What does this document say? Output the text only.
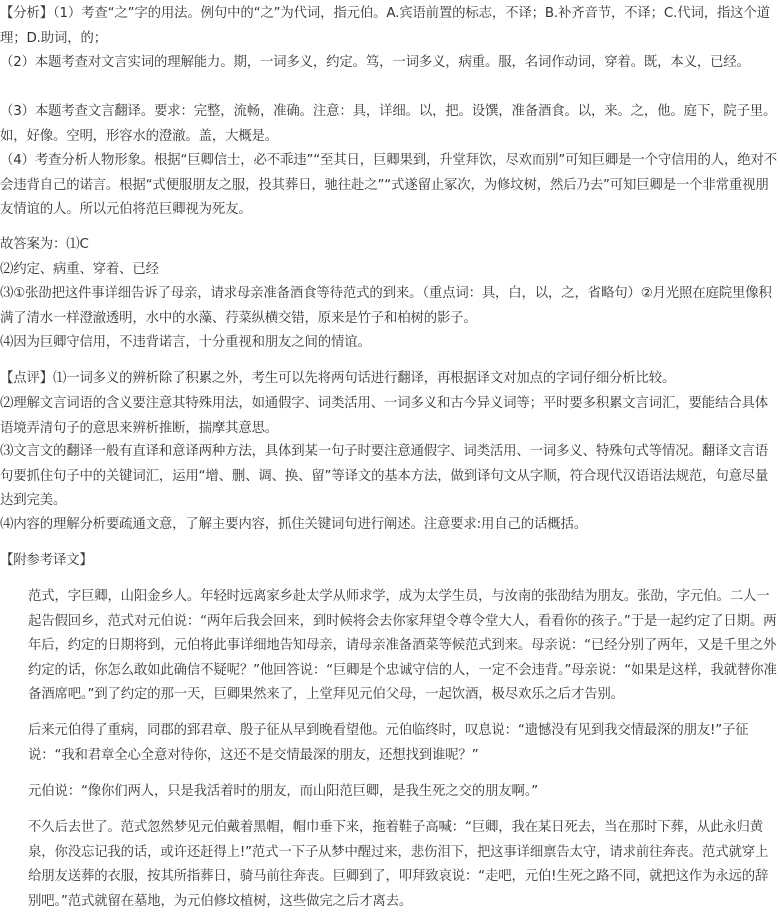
【分析】（1）考查“之”字的用法。例句中的“之”为代词，指元伯。A.宾语前置的标志，不译；B.补齐音节，不译；C.代词，指这个道理；D.助词，的；
（2）本题考查对文言实词的理解能力。期，一词多义，约定。笃，一词多义，病重。服，名词作动词，穿着。既，本义，已经。
（3）本题考查文言翻译。要求：完整，流畅，准确。注意：具，详细。以，把。设馔，准备酒食。以，来。之，他。庭下，院子里。如，好像。空明，形容水的澄澈。盖，大概是。
（4）考查分析人物形象。根据“巨卿信士，必不乖违”“至其日，巨卿果到，升堂拜饮，尽欢而别”可知巨卿是一个守信用的人，绝对不会违背自己的诺言。根据“式便服朋友之服，投其葬日，驰往赴之”“式遂留止冢次，为修坟树，然后乃去”可知巨卿是一个非常重视朋友情谊的人。所以元伯将范巨卿视为死友。
故答案为：⑴C
⑵约定、病重、穿着、已经
⑶①张劭把这件事详细告诉了母亲，请求母亲准备酒食等待范式的到来。（重点词：具，白，以，之，省略句）②月光照在庭院里像积满了清水一样澄澈透明，水中的水藻、荇菜纵横交错，原来是竹子和柏树的影子。
⑷因为巨卿守信用，不违背诺言，十分重视和朋友之间的情谊。
【点评】⑴一词多义的辨析除了积累之外，考生可以先将两句话进行翻译，再根据译文对加点的字词仔细分析比较。
⑵理解文言词语的含义要注意其特殊用法，如通假字、词类活用、一词多义和古今异义词等；平时要多积累文言词汇，要能结合具体语境弄清句子的意思来辨析推断，揣摩其意思。
⑶文言文的翻译一般有直译和意译两种方法，具体到某一句子时要注意通假字、词类活用、一词多义、特殊句式等情况。翻译文言语句要抓住句子中的关键词汇，运用“增、删、调、换、留”等译文的基本方法，做到译句文从字顺，符合现代汉语语法规范，句意尽量达到完美。
⑷内容的理解分析要疏通文意，了解主要内容，抓住关键词句进行阐述。注意要求:用自己的话概括。
【附参考译文】
范式，字巨卿，山阳金乡人。年轻时远离家乡赴太学从师求学，成为太学生员，与汝南的张劭结为朋友。张劭，字元伯。二人一起告假回乡，范式对元伯说：“两年后我会回来，到时候将会去你家拜望令尊令堂大人，看看你的孩子。”于是一起约定了日期。两年后，约定的日期将到，元伯将此事详细地告知母亲，请母亲准备酒菜等候范式到来。母亲说：“已经分别了两年，又是千里之外约定的话，你怎么敢如此确信不疑呢？”他回答说：“巨卿是个忠诚守信的人，一定不会违背。”母亲说：“如果是这样，我就替你准备酒席吧。”到了约定的那一天，巨卿果然来了，上堂拜见元伯父母，一起饮酒，极尽欢乐之后才告别。
后来元伯得了重病，同郡的郅君章、殷子征从早到晚看望他。元伯临终时，叹息说：“遗憾没有见到我交情最深的朋友!”子征说：“我和君章全心全意对待你，这还不是交情最深的朋友，还想找到谁呢？”
元伯说：“像你们两人，只是我活着时的朋友，而山阳范巨卿，是我生死之交的朋友啊。”
不久后去世了。范式忽然梦见元伯戴着黑帽，帽巾垂下来，拖着鞋子高喊：“巨卿，我在某日死去，当在那时下葬，从此永归黄泉，你没忘记我的话，或许还赶得上!”范式一下子从梦中醒过来，悲伤泪下，把这事详细禀告太守，请求前往奔丧。范式就穿上给朋友送葬的衣服，按其所指葬日，骑马前往奔丧。巨卿到了，叩拜致哀说：“走吧，元伯!生死之路不同，就把这作为永远的辞别吧。”范式就留在墓地，为元伯修坟植树，这些做完之后才离去。
